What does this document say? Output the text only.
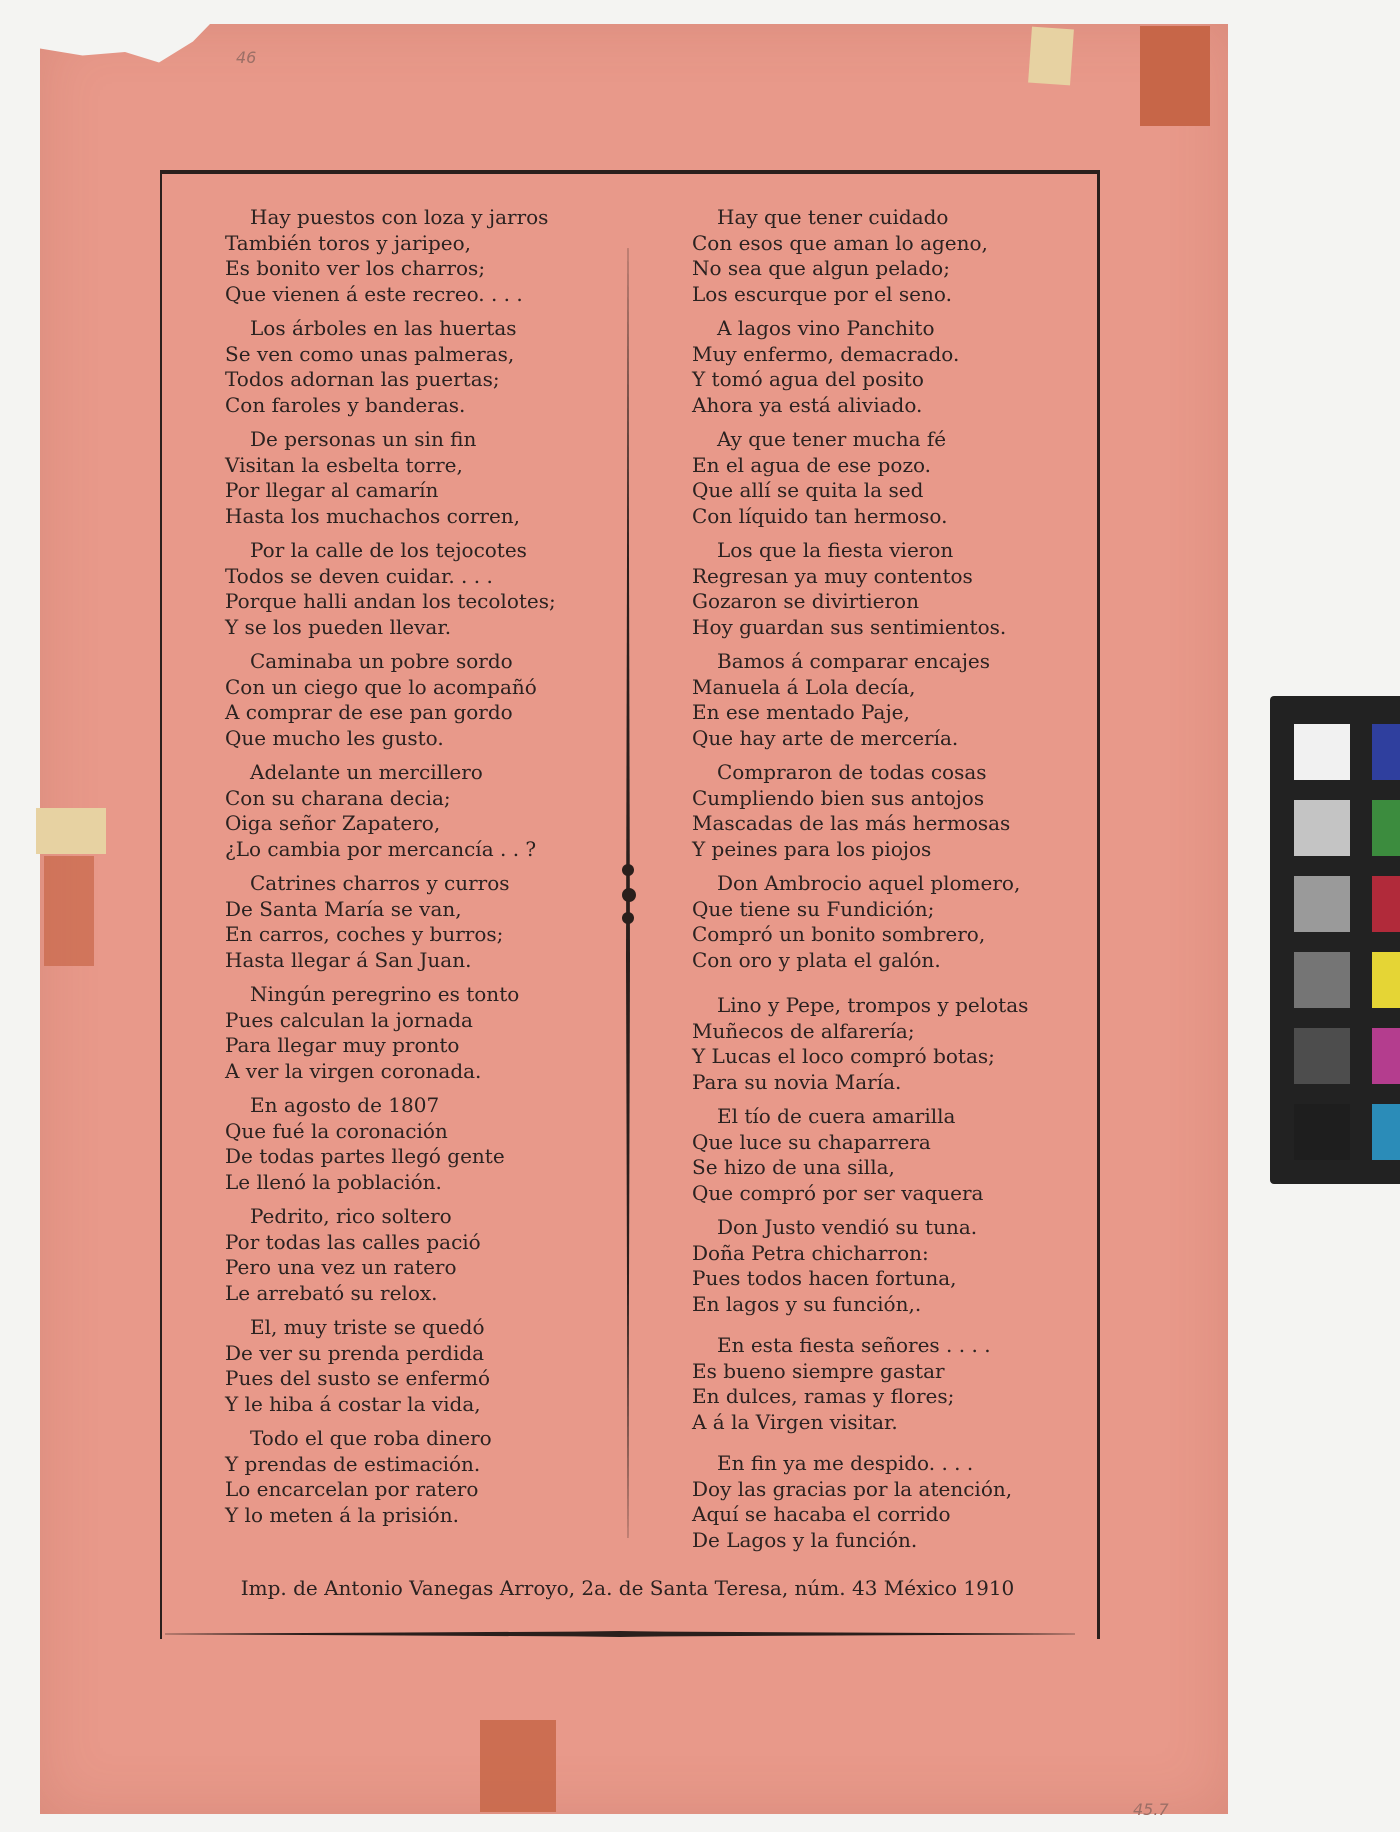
46
45.7
Hay puestos con loza y jarros
También toros y jaripeo,
Es bonito ver los charros;
Que vienen á este recreo. . . .
Los árboles en las huertas
Se ven como unas palmeras,
Todos adornan las puertas;
Con faroles y banderas.
De personas un sin fin
Visitan la esbelta torre,
Por llegar al camarín
Hasta los muchachos corren,
Por la calle de los tejocotes
Todos se deven cuidar. . . .
Porque halli andan los tecolotes;
Y se los pueden llevar.
Caminaba un pobre sordo
Con un ciego que lo acompañó
A comprar de ese pan gordo
Que mucho les gusto.
Adelante un mercillero
Con su charana decia;
Oiga señor Zapatero,
¿Lo cambia por mercancía . . ?
Catrines charros y curros
De Santa María se van,
En carros, coches y burros;
Hasta llegar á San Juan.
Ningún peregrino es tonto
Pues calculan la jornada
Para llegar muy pronto
A ver la virgen coronada.
En agosto de 1807
Que fué la coronación
De todas partes llegó gente
Le llenó la población.
Pedrito, rico soltero
Por todas las calles pació
Pero una vez un ratero
Le arrebató su relox.
El, muy triste se quedó
De ver su prenda perdida
Pues del susto se enfermó
Y le hiba á costar la vida,
Todo el que roba dinero
Y prendas de estimación.
Lo encarcelan por ratero
Y lo meten á la prisión.
Hay que tener cuidado
Con esos que aman lo ageno,
No sea que algun pelado;
Los escurque por el seno.
A lagos vino Panchito
Muy enfermo, demacrado.
Y tomó agua del posito
Ahora ya está aliviado.
Ay que tener mucha fé
En el agua de ese pozo.
Que allí se quita la sed
Con líquido tan hermoso.
Los que la fiesta vieron
Regresan ya muy contentos
Gozaron se divirtieron
Hoy guardan sus sentimientos.
Bamos á comparar encajes
Manuela á Lola decía,
En ese mentado Paje,
Que hay arte de mercería.
Compraron de todas cosas
Cumpliendo bien sus antojos
Mascadas de las más hermosas
Y peines para los piojos
Don Ambrocio aquel plomero,
Que tiene su Fundición;
Compró un bonito sombrero,
Con oro y plata el galón.
Lino y Pepe, trompos y pelotas
Muñecos de alfarería;
Y Lucas el loco compró botas;
Para su novia María.
El tío de cuera amarilla
Que luce su chaparrera
Se hizo de una silla,
Que compró por ser vaquera
Don Justo vendió su tuna.
Doña Petra chicharron:
Pues todos hacen fortuna,
En lagos y su función,.
En esta fiesta señores . . . .
Es bueno siempre gastar
En dulces, ramas y flores;
A á la Virgen visitar.
En fin ya me despido. . . .
Doy las gracias por la atención,
Aquí se hacaba el corrido
De Lagos y la función.
Imp. de Antonio Vanegas Arroyo, 2a. de Santa Teresa, núm. 43 México 1910
